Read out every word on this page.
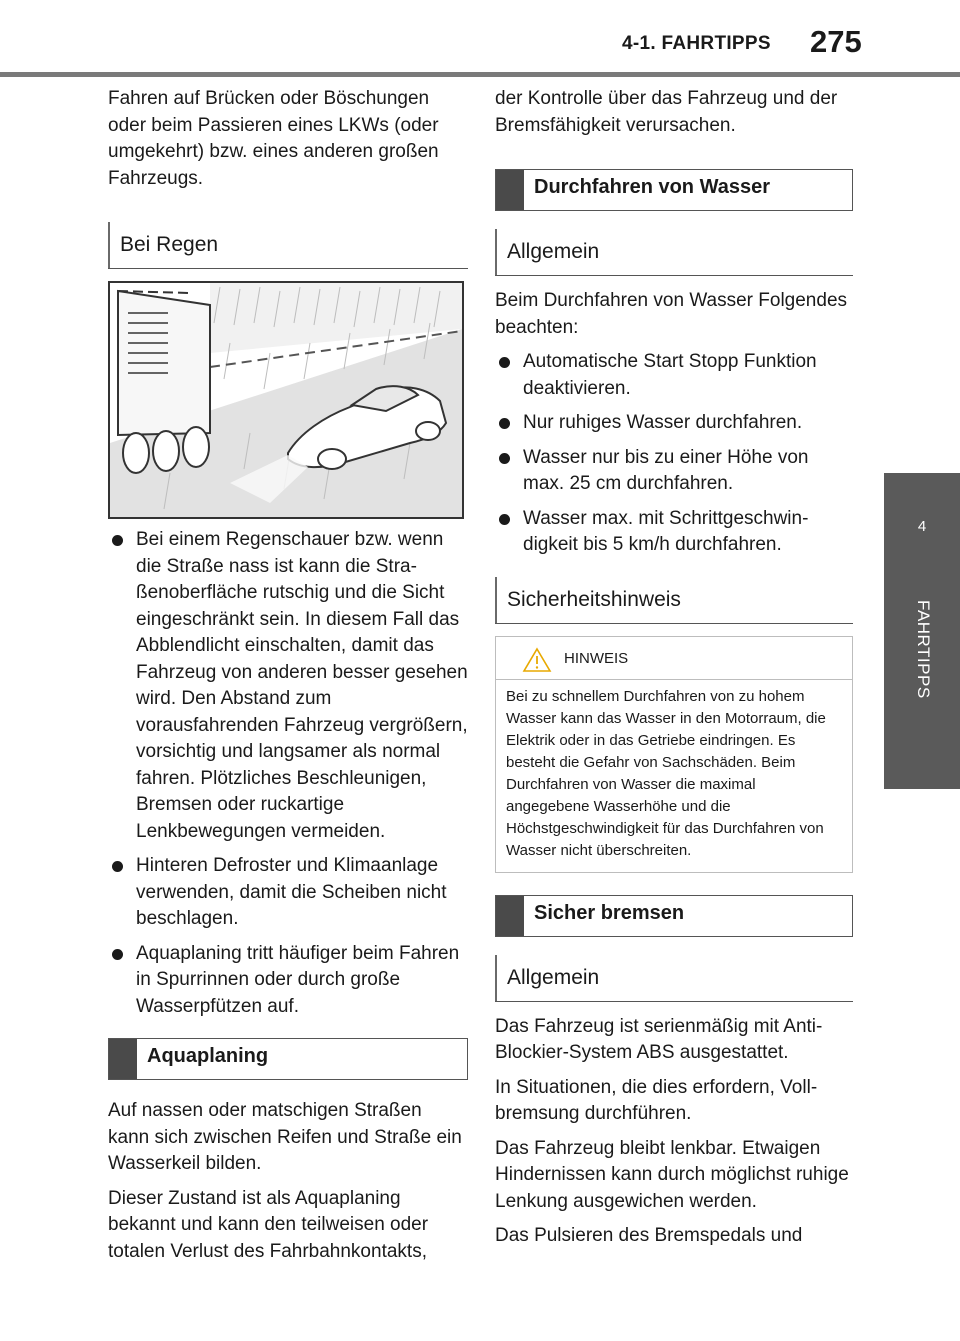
4-1. FAHRTIPPS 275
4
FAHRTIPPS

Fahren auf Brücken oder Böschungen oder beim Passieren eines LKWs (oder umgekehrt) bzw. eines anderen großen Fahrzeugs.

Bei Regen
Bei einem Regenschauer bzw. wenn die Straße nass ist kann die Straßenoberfläche rutschig und die Sicht eingeschränkt sein. In diesem Fall das Abblendlicht einschalten, damit das Fahrzeug von anderen besser gesehen wird. Den Abstand zum vorausfahrenden Fahrzeug vergrößern, vorsichtig und langsamer als normal fahren. Plötzliches Beschleunigen, Bremsen oder ruckartige Lenkbewegungen vermeiden.
Hinteren Defroster und Klimaanlage verwenden, damit die Scheiben nicht beschlagen.
Aquaplaning tritt häufiger beim Fahren in Spurrinnen oder durch große Wasserpfützen auf.
Aquaplaning

Auf nassen oder matschigen Straßen kann sich zwischen Reifen und Straße ein Wasserkeil bilden.

Dieser Zustand ist als Aquaplaning bekannt und kann den teilweisen oder totalen Verlust des Fahrbahnkontakts,

der Kontrolle über das Fahrzeug und der Bremsfähigkeit verursachen.

Durchfahren von Wasser
Allgemein

Beim Durchfahren von Wasser Folgendes beachten:

Automatische Start Stopp Funktion deaktivieren.
Nur ruhiges Wasser durchfahren.
Wasser nur bis zu einer Höhe von max. 25 cm durchfahren.
Wasser max. mit Schrittgeschwindigkeit bis 5 km/h durchfahren.
Sicherheitshinweis
HINWEIS
Bei zu schnellem Durchfahren von zu hohem Wasser kann das Wasser in den Motorraum, die Elektrik oder in das Getriebe eindringen. Es besteht die Gefahr von Sachschäden. Beim Durchfahren von Wasser die maximal angegebene Wasserhöhe und die Höchstgeschwindigkeit für das Durchfahren von Wasser nicht überschreiten.
Sicher bremsen
Allgemein

Das Fahrzeug ist serienmäßig mit Anti-Blockier-System ABS ausgestattet.

In Situationen, die dies erfordern, Vollbremsung durchführen.

Das Fahrzeug bleibt lenkbar. Etwaigen Hindernissen kann durch möglichst ruhige Lenkung ausgewichen werden.

Das Pulsieren des Bremspedals und
